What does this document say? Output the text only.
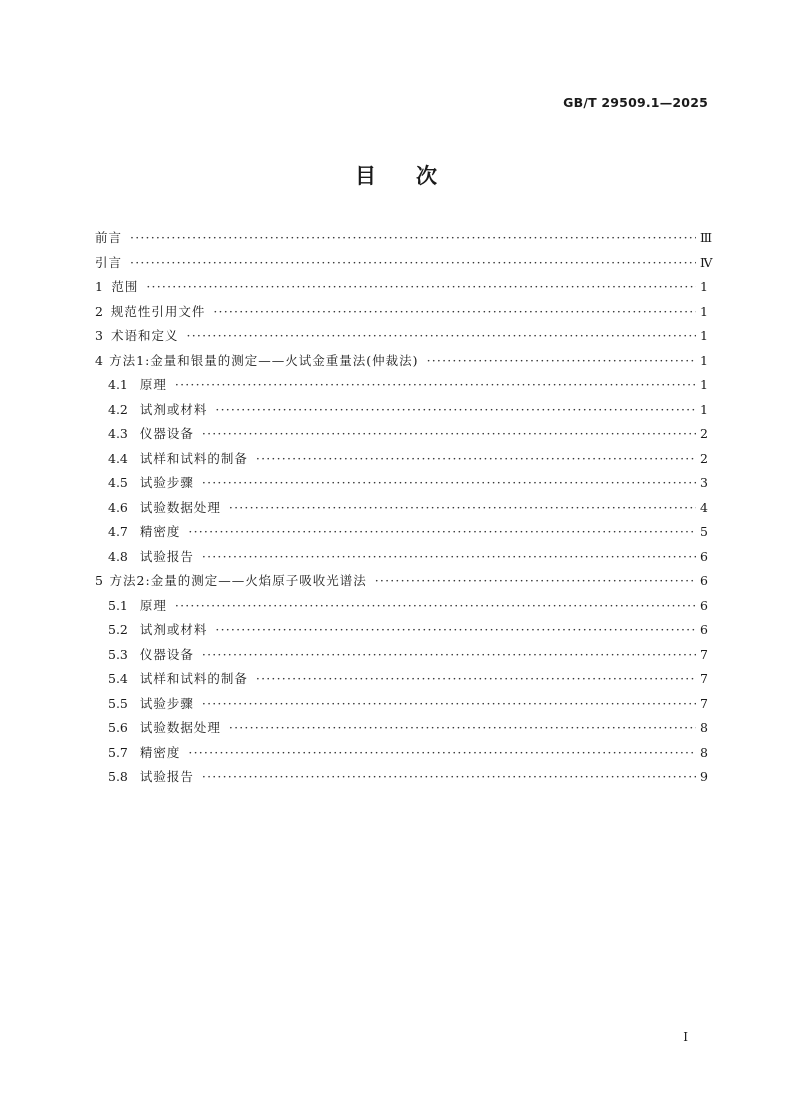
GB/T 29509.1—2025
目 次
前言 ·····	Ⅲ
引言 ·····	Ⅳ
1 范围 ·····	1
2 规范性引用文件 ·····	1
3 术语和定义 ·····	1
4 方法1:金量和银量的测定——火试金重量法(仲裁法) ·····	1
4.1 原理 ·····	1
4.2 试剂或材料 ·····	1
4.3 仪器设备 ·····	2
4.4 试样和试料的制备 ·····	2
4.5 试验步骤 ·····	3
4.6 试验数据处理 ·····	4
4.7 精密度 ·····	5
4.8 试验报告 ·····	6
5 方法2:金量的测定——火焰原子吸收光谱法 ·····	6
5.1 原理 ·····	6
5.2 试剂或材料 ·····	6
5.3 仪器设备 ·····	7
5.4 试样和试料的制备 ·····	7
5.5 试验步骤 ·····	7
5.6 试验数据处理 ·····	8
5.7 精密度 ·····	8
5.8 试验报告 ·····	9
I
